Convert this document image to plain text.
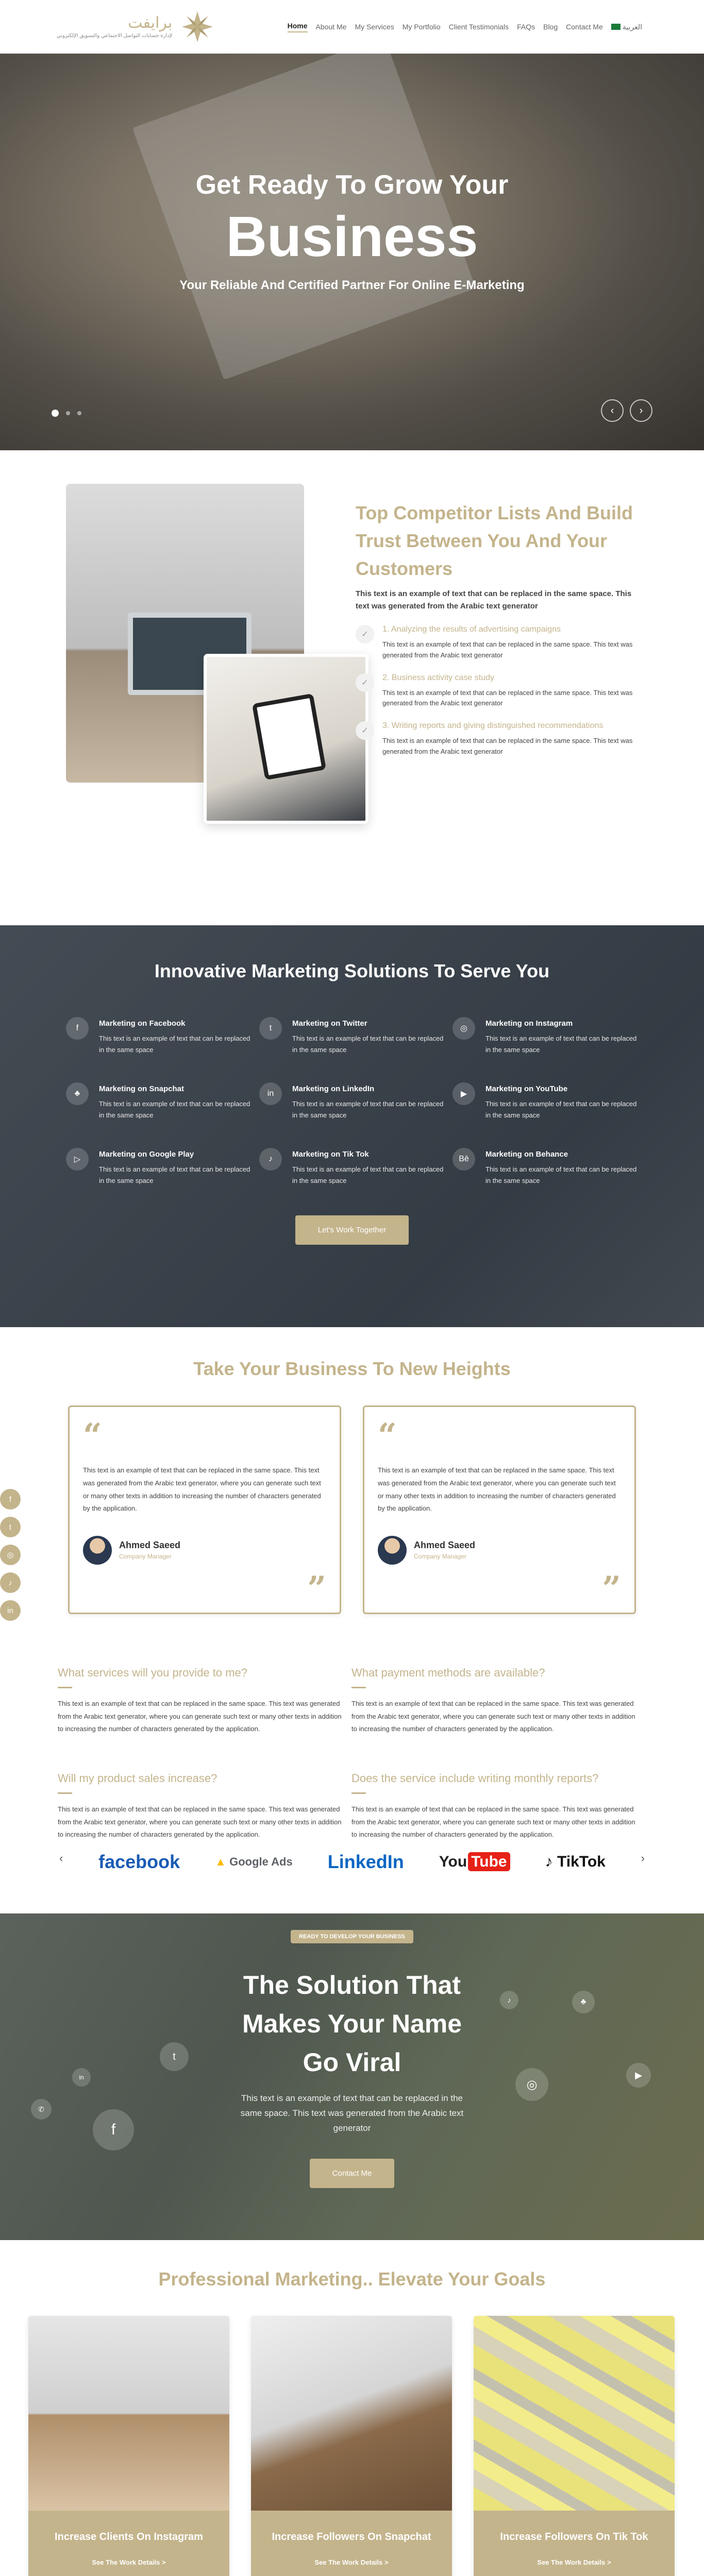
برايفت
لإدارة حسابات التواصل الاجتماعي والتسويق الإلكتروني
Home About Me My Services My Portfolio Client Testimonials FAQs Blog Contact Me	العربية
Get Ready To Grow Your
Business

Your Reliable And Certified Partner For Online E-Marketing

‹	›
Top Competitor Lists And Build Trust Between You And Your Customers

This text is an example of text that can be replaced in the same space. This text was generated from the Arabic text generator

✓
1. Analyzing the results of advertising campaigns
This text is an example of text that can be replaced in the same space. This text was generated from the Arabic text generator
✓
2. Business activity case study
This text is an example of text that can be replaced in the same space. This text was generated from the Arabic text generator
✓
3. Writing reports and giving distinguished recommendations
This text is an example of text that can be replaced in the same space. This text was generated from the Arabic text generator
Innovative Marketing Solutions To Serve You
f
Marketing on Facebook

This text is an example of text that can be replaced in the same space

t
Marketing on Twitter

This text is an example of text that can be replaced in the same space

◎
Marketing on Instagram

This text is an example of text that can be replaced in the same space

♣
Marketing on Snapchat

This text is an example of text that can be replaced in the same space

in
Marketing on LinkedIn

This text is an example of text that can be replaced in the same space

▶
Marketing on YouTube

This text is an example of text that can be replaced in the same space

▷
Marketing on Google Play

This text is an example of text that can be replaced in the same space

♪
Marketing on Tik Tok

This text is an example of text that can be replaced in the same space

Bē
Marketing on Behance

This text is an example of text that can be replaced in the same space

Let's Work Together
Take Your Business To New Heights
“

This text is an example of text that can be replaced in the same space. This text was generated from the Arabic text generator, where you can generate such text or many other texts in addition to increasing the number of characters generated by the application.

Ahmed Saeed
Company Manager
”
“

This text is an example of text that can be replaced in the same space. This text was generated from the Arabic text generator, where you can generate such text or many other texts in addition to increasing the number of characters generated by the application.

Ahmed Saeed
Company Manager
”
f
t
◎
♪
in
What services will you provide to me?

This text is an example of text that can be replaced in the same space. This text was generated from the Arabic text generator, where you can generate such text or many other texts in addition to increasing the number of characters generated by the application.

What payment methods are available?

This text is an example of text that can be replaced in the same space. This text was generated from the Arabic text generator, where you can generate such text or many other texts in addition to increasing the number of characters generated by the application.

Will my product sales increase?

This text is an example of text that can be replaced in the same space. This text was generated from the Arabic text generator, where you can generate such text or many other texts in addition to increasing the number of characters generated by the application.

Does the service include writing monthly reports?

This text is an example of text that can be replaced in the same space. This text was generated from the Arabic text generator, where you can generate such text or many other texts in addition to increasing the number of characters generated by the application.

‹ facebook	▲ Google Ads LinkedIn You Tube ♪ TikTok	›
t
f
✆
in
◎
♣
♪
▶
READY TO DEVELOP YOUR BUSINESS
The Solution That
Makes Your Name
Go Viral

This text is an example of text that can be replaced in the same space. This text was generated from the Arabic text generator

Contact Me
Professional Marketing.. Elevate Your Goals
Increase Clients On Instagram
See The Work Details >
Increase Followers On Snapchat
See The Work Details >
Increase Followers On Tik Tok
See The Work Details >
